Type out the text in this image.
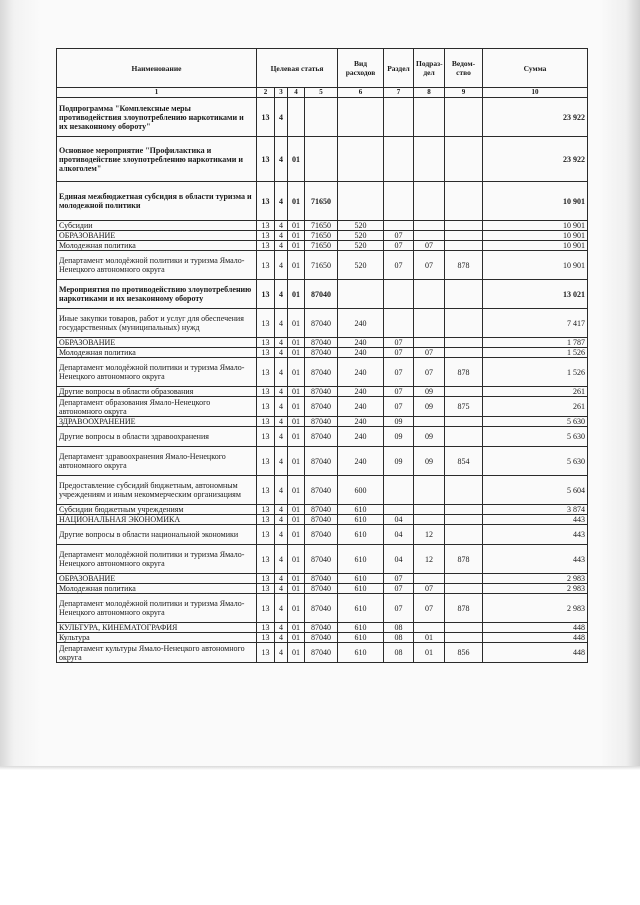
Наименование	Целевая статья				Вид расходов	Раздел	Подраз-дел	Ведом-ство	Сумма
1	2	3	4	5	6	7	8	9	10
Подпрограмма "Комплексные меры противодействия злоупотреблению наркотиками и их незаконному обороту"	13	4							23 922
Основное мероприятие "Профилактика и противодействие злоупотреблению наркотиками и алкоголем"	13	4	01						23 922
Единая межбюджетная субсидия в области туризма и молодежной политики	13	4	01	71650					10 901
Субсидии	13	4	01	71650	520				10 901
ОБРАЗОВАНИЕ	13	4	01	71650	520	07			10 901
Молодежная политика	13	4	01	71650	520	07	07		10 901
Департамент молодёжной политики и туризма Ямало-Ненецкого автономного округа	13	4	01	71650	520	07	07	878	10 901
Мероприятия по противодействию злоупотреблению наркотиками и их незаконному обороту	13	4	01	87040					13 021
Иные закупки товаров, работ и услуг для обеспечения государственных (муниципальных) нужд	13	4	01	87040	240				7 417
ОБРАЗОВАНИЕ	13	4	01	87040	240	07			1 787
Молодежная политика	13	4	01	87040	240	07	07		1 526
Департамент молодёжной политики и туризма Ямало-Ненецкого автономного округа	13	4	01	87040	240	07	07	878	1 526
Другие вопросы в области образования	13	4	01	87040	240	07	09		261
Департамент образования Ямало-Ненецкого автономного округа	13	4	01	87040	240	07	09	875	261
ЗДРАВООХРАНЕНИЕ	13	4	01	87040	240	09			5 630
Другие вопросы в области здравоохранения	13	4	01	87040	240	09	09		5 630
Департамент здравоохранения Ямало-Ненецкого автономного округа	13	4	01	87040	240	09	09	854	5 630
Предоставление субсидий бюджетным, автономным учреждениям и иным некоммерческим организациям	13	4	01	87040	600				5 604
Субсидии бюджетным учреждениям	13	4	01	87040	610				3 874
НАЦИОНАЛЬНАЯ ЭКОНОМИКА	13	4	01	87040	610	04			443
Другие вопросы в области национальной экономики	13	4	01	87040	610	04	12		443
Департамент молодёжной политики и туризма Ямало-Ненецкого автономного округа	13	4	01	87040	610	04	12	878	443
ОБРАЗОВАНИЕ	13	4	01	87040	610	07			2 983
Молодежная политика	13	4	01	87040	610	07	07		2 983
Департамент молодёжной политики и туризма Ямало-Ненецкого автономного округа	13	4	01	87040	610	07	07	878	2 983
КУЛЬТУРА, КИНЕМАТОГРАФИЯ	13	4	01	87040	610	08			448
Культура	13	4	01	87040	610	08	01		448
Департамент культуры Ямало-Ненецкого автономного округа	13	4	01	87040	610	08	01	856	448
